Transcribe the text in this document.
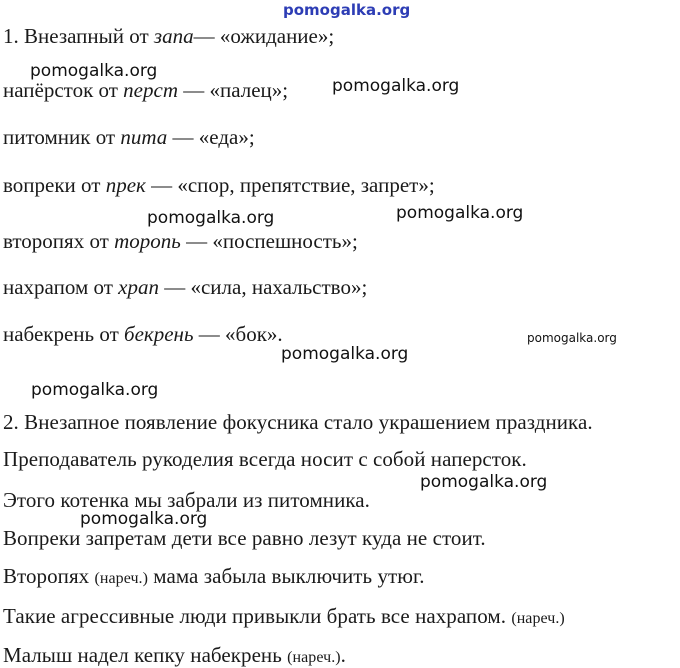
1. Внезапный от запа— «ожидание»;
напёрсток от перст — «палец»;
питомник от пита — «еда»;
вопреки от прек — «спор, препятствие, запрет»;
второпях от торопь — «поспешность»;
нахрапом от храп — «сила, нахальство»;
набекрень от бекрень — «бок».
2. Внезапное появление фокусника стало украшением праздника.
Преподаватель рукоделия всегда носит с собой наперсток.
Этого котенка мы забрали из питомника.
Вопреки запретам дети все равно лезут куда не стоит.
Второпях (нареч.) мама забыла выключить утюг.
Такие агрессивные люди привыкли брать все нахрапом. (нареч.)
Малыш надел кепку набекрень (нареч.).
pomogalka.org
pomogalka.org
pomogalka.org
pomogalka.org	pomogalka.org
pomogalka.org
pomogalka.org
pomogalka.org
pomogalka.org
pomogalka.org
